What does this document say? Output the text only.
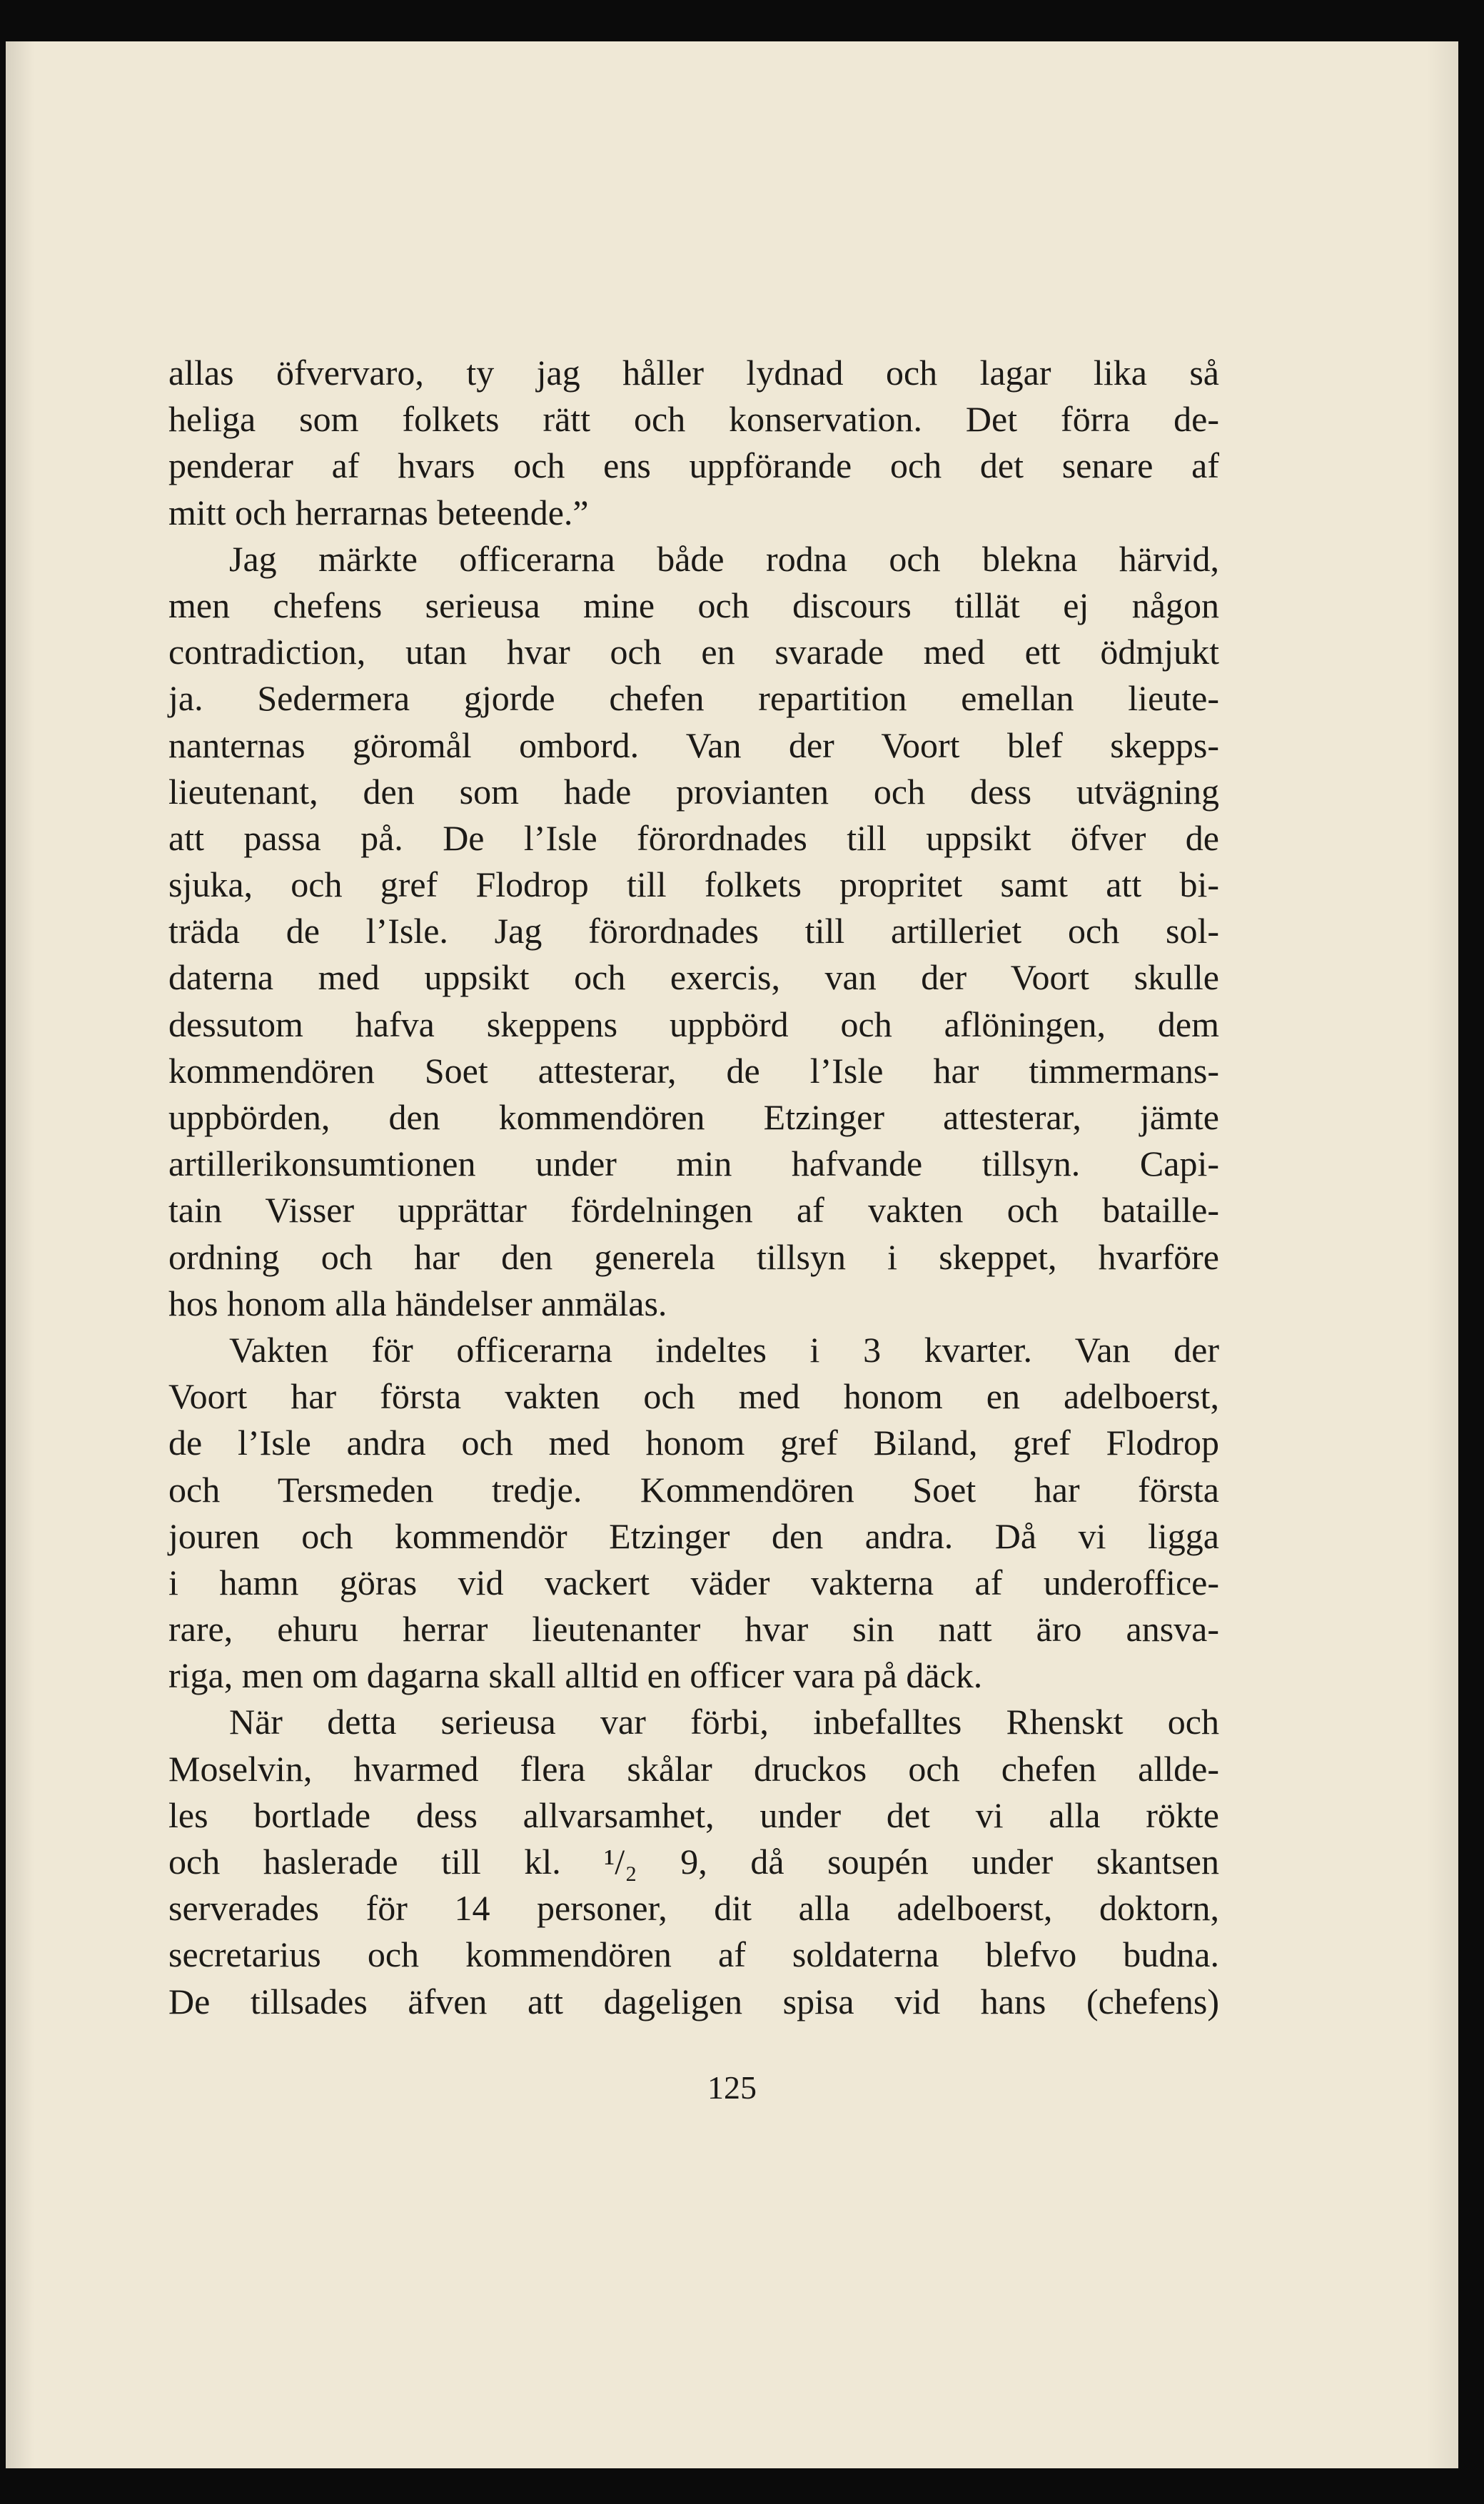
allas öfvervaro, ty jag håller lydnad och lagar lika så
heliga som folkets rätt och konservation. Det förra de-
penderar af hvars och ens uppförande och det senare af
mitt och herrarnas beteende.”
Jag märkte officerarna både rodna och blekna härvid,
men chefens serieusa mine och discours tillät ej någon
contradiction, utan hvar och en svarade med ett ödmjukt
ja. Sedermera gjorde chefen repartition emellan lieute-
nanternas göromål ombord. Van der Voort blef skepps-
lieutenant, den som hade provianten och dess utvägning
att passa på. De l’Isle förordnades till uppsikt öfver de
sjuka, och gref Flodrop till folkets propritet samt att bi-
träda de l’Isle. Jag förordnades till artilleriet och sol-
daterna med uppsikt och exercis, van der Voort skulle
dessutom hafva skeppens uppbörd och aflöningen, dem
kommendören Soet attesterar, de l’Isle har timmermans-
uppbörden, den kommendören Etzinger attesterar, jämte
artillerikonsumtionen under min hafvande tillsyn. Capi-
tain Visser upprättar fördelningen af vakten och bataille-
ordning och har den generela tillsyn i skeppet, hvarföre
hos honom alla händelser anmälas.
Vakten för officerarna indeltes i 3 kvarter. Van der
Voort har första vakten och med honom en adelboerst,
de l’Isle andra och med honom gref Biland, gref Flodrop
och Tersmeden tredje. Kommendören Soet har första
jouren och kommendör Etzinger den andra. Då vi ligga
i hamn göras vid vackert väder vakterna af underoffice-
rare, ehuru herrar lieutenanter hvar sin natt äro ansva-
riga, men om dagarna skall alltid en officer vara på däck.
När detta serieusa var förbi, inbefalltes Rhenskt och
Moselvin, hvarmed flera skålar druckos och chefen allde-
les bortlade dess allvarsamhet, under det vi alla rökte
och haslerade till kl. ¹/₂ 9, då soupén under skantsen
serverades för 14 personer, dit alla adelboerst, doktorn,
secretarius och kommendören af soldaterna blefvo budna.
De tillsades äfven att dageligen spisa vid hans (chefens)
125
